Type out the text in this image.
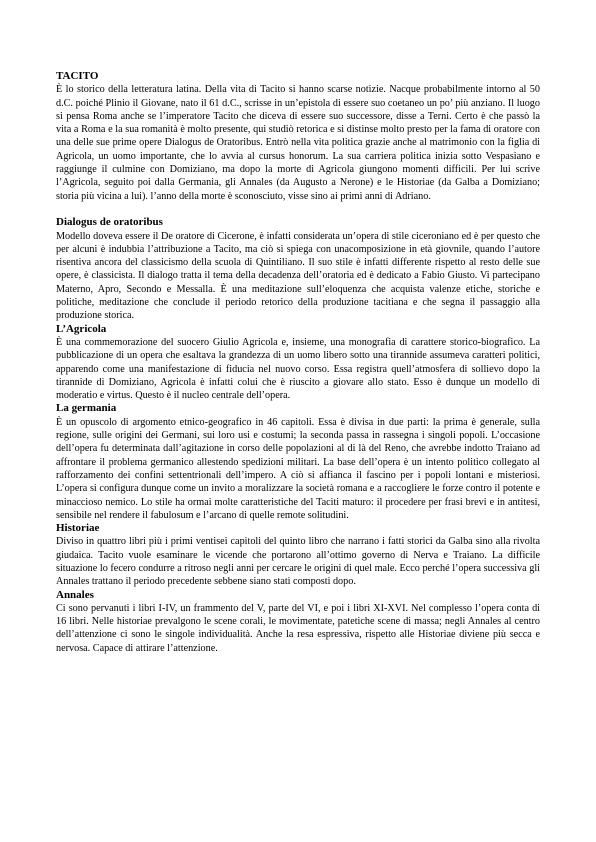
TACITO

È lo storico della letteratura latina. Della vita di Tacito si hanno scarse notizie. Nacque probabilmente intorno al 50 d.C. poiché Plinio il Giovane, nato il 61 d.C., scrisse in un’epistola di essere suo coetaneo un po’ più anziano. Il luogo si pensa Roma anche se l’imperatore Tacito che diceva di essere suo successore, disse a Terni. Certo è che passò la vita a Roma e la sua romanità è molto presente, qui studiò retorica e si distinse molto presto per la fama di oratore con una delle sue prime opere Dialogus de Oratoribus. Entrò nella vita politica grazie anche al matrimonio con la figlia di Agricola, un uomo importante, che lo avvia al cursus honorum. La sua carriera politica inizia sotto Vespasiano e raggiunge il culmine con Domiziano, ma dopo la morte di Agricola giungono momenti difficili. Per lui scrive l’Agricola, seguito poi dalla Germania, gli Annales (da Augusto a Nerone) e le Historiae (da Galba a Domiziano; storia più vicina a lui). l’anno della morte è sconosciuto, visse sino ai primi anni di Adriano.

Dialogus de oratoribus

Modello doveva essere il De oratore di Cicerone, è infatti considerata un’opera di stile ciceroniano ed è per questo che per alcuni è indubbia l’attribuzione a Tacito, ma ciò si spiega con unacomposizione in età giovnile, quando l’autore risentiva ancora del classicismo della scuola di Quintiliano. Il suo stile è infatti differente rispetto al resto delle sue opere, è classicista. Il dialogo tratta il tema della decadenza dell’oratoria ed è dedicato a Fabio Giusto. Vi partecipano Materno, Apro, Secondo e Messalla. È una meditazione sull’eloquenza che acquista valenze etiche, storiche e politiche, meditazione che conclude il periodo retorico della produzione tacitiana e che segna il passaggio alla produzione storica.

L’Agricola

È una commemorazione del suocero Giulio Agricola e, insieme, una monografia di carattere storico-biografico. La pubblicazione di un opera che esaltava la grandezza di un uomo libero sotto una tirannide assumeva caratteri politici, apparendo come una manifestazione di fiducia nel nuovo corso. Essa registra quell’atmosfera di sollievo dopo la tirannide di Domiziano, Agricola è infatti colui che è riuscito a giovare allo stato. Esso è dunque un modello di moderatio e virtus. Questo è il nucleo centrale dell’opera.

La germania

È un opuscolo di argomento etnico-geografico in 46 capitoli. Essa è divisa in due parti: la prima è generale, sulla regione, sulle origini dei Germani, sui loro usi e costumi; la seconda passa in rassegna i singoli popoli. L’occasione dell’opera fu determinata dall’agitazione in corso delle popolazioni al di là del Reno, che avrebbe indotto Traiano ad affrontare il problema germanico allestendo spedizioni militari. La base dell’opera è un intento politico collegato al rafforzamento dei confini settentrionali dell’impero. A ciò si affianca il fascino per i popoli lontani e misteriosi. L’opera si configura dunque come un invito a moralizzare la società romana e a raccogliere le forze contro il potente e minaccioso nemico. Lo stile ha ormai molte caratteristiche del Taciti maturo: il procedere per frasi brevi e in antitesi, sensibile nel rendere il fabulosum e l’arcano di quelle remote solitudini.

Historiae

Diviso in quattro libri più i primi ventisei capitoli del quinto libro che narrano i fatti storici da Galba sino alla rivolta giudaica. Tacito vuole esaminare le vicende che portarono all’ottimo governo di Nerva e Traiano. La difficile situazione lo fecero condurre a ritroso negli anni per cercare le origini di quel male. Ecco perché l’opera successiva gli Annales trattano il periodo precedente sebbene siano stati composti dopo.

Annales

Ci sono pervanuti i libri I-IV, un frammento del V, parte del VI, e poi i libri XI-XVI. Nel complesso l’opera conta di 16 libri. Nelle historiae prevalgono le scene corali, le movimentate, patetiche scene di massa; negli Annales al centro dell’attenzione ci sono le singole individualità. Anche la resa espressiva, rispetto alle Historiae diviene più secca e nervosa. Capace di attirare l’attenzione.
